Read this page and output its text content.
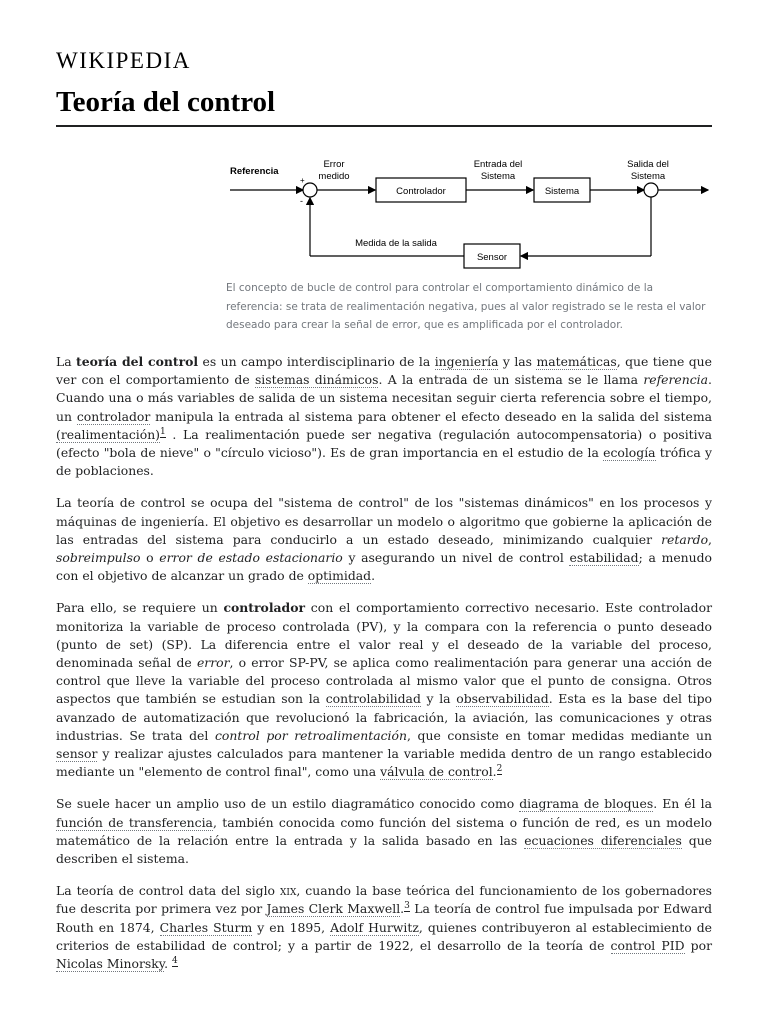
WIKIPEDIA
Teoría del control
Referencia
Error
medido
Entrada del
Sistema
Salida del
Sistema
Medida de la salida
+
-
Controlador	Sistema
Sensor
El concepto de bucle de control para controlar el comportamiento dinámico de la referencia: se trata de realimentación negativa, pues al valor registrado se le resta el valor deseado para crear la señal de error, que es amplificada por el controlador.

La teoría del control es un campo interdisciplinario de la ingeniería y las matemáticas, que tiene que ver con el comportamiento de sistemas dinámicos. A la entrada de un sistema se le llama referencia. Cuando una o más variables de salida de un sistema necesitan seguir cierta referencia sobre el tiempo, un controlador manipula la entrada al sistema para obtener el efecto deseado en la salida del sistema (realimentación)$^1$ . La realimentación puede ser negativa (regulación autocompensatoria) o positiva (efecto "bola de nieve" o "círculo vicioso"). Es de gran importancia en el estudio de la ecología trófica y de poblaciones.

La teoría de control se ocupa del "sistema de control" de los "sistemas dinámicos" en los procesos y máquinas de ingeniería. El objetivo es desarrollar un modelo o algoritmo que gobierne la aplicación de las entradas del sistema para conducirlo a un estado deseado, minimizando cualquier retardo, sobreimpulso o error de estado estacionario y asegurando un nivel de control estabilidad; a menudo con el objetivo de alcanzar un grado de optimidad.

Para ello, se requiere un controlador con el comportamiento correctivo necesario. Este controlador monitoriza la variable de proceso controlada (PV), y la compara con la referencia o punto deseado (punto de set) (SP). La diferencia entre el valor real y el deseado de la variable del proceso, denominada señal de error, o error SP-PV, se aplica como realimentación para generar una acción de control que lleve la variable del proceso controlada al mismo valor que el punto de consigna. Otros aspectos que también se estudian son la controlabilidad y la observabilidad. Esta es la base del tipo avanzado de automatización que revolucionó la fabricación, la aviación, las comunicaciones y otras industrias. Se trata del control por retroalimentación, que consiste en tomar medidas mediante un sensor y realizar ajustes calculados para mantener la variable medida dentro de un rango establecido mediante un "elemento de control final", como una válvula de control.$^2$

Se suele hacer un amplio uso de un estilo diagramático conocido como diagrama de bloques. En él la función de transferencia, también conocida como función del sistema o función de red, es un modelo matemático de la relación entre la entrada y la salida basado en las ecuaciones diferenciales que describen el sistema.

La teoría de control data del siglo xix, cuando la base teórica del funcionamiento de los gobernadores fue descrita por primera vez por James Clerk Maxwell.$^3$ La teoría de control fue impulsada por Edward Routh en 1874, Charles Sturm y en 1895, Adolf Hurwitz, quienes contribuyeron al establecimiento de criterios de estabilidad de control; y a partir de 1922, el desarrollo de la teoría de control PID por Nicolas Minorsky. $^4$
